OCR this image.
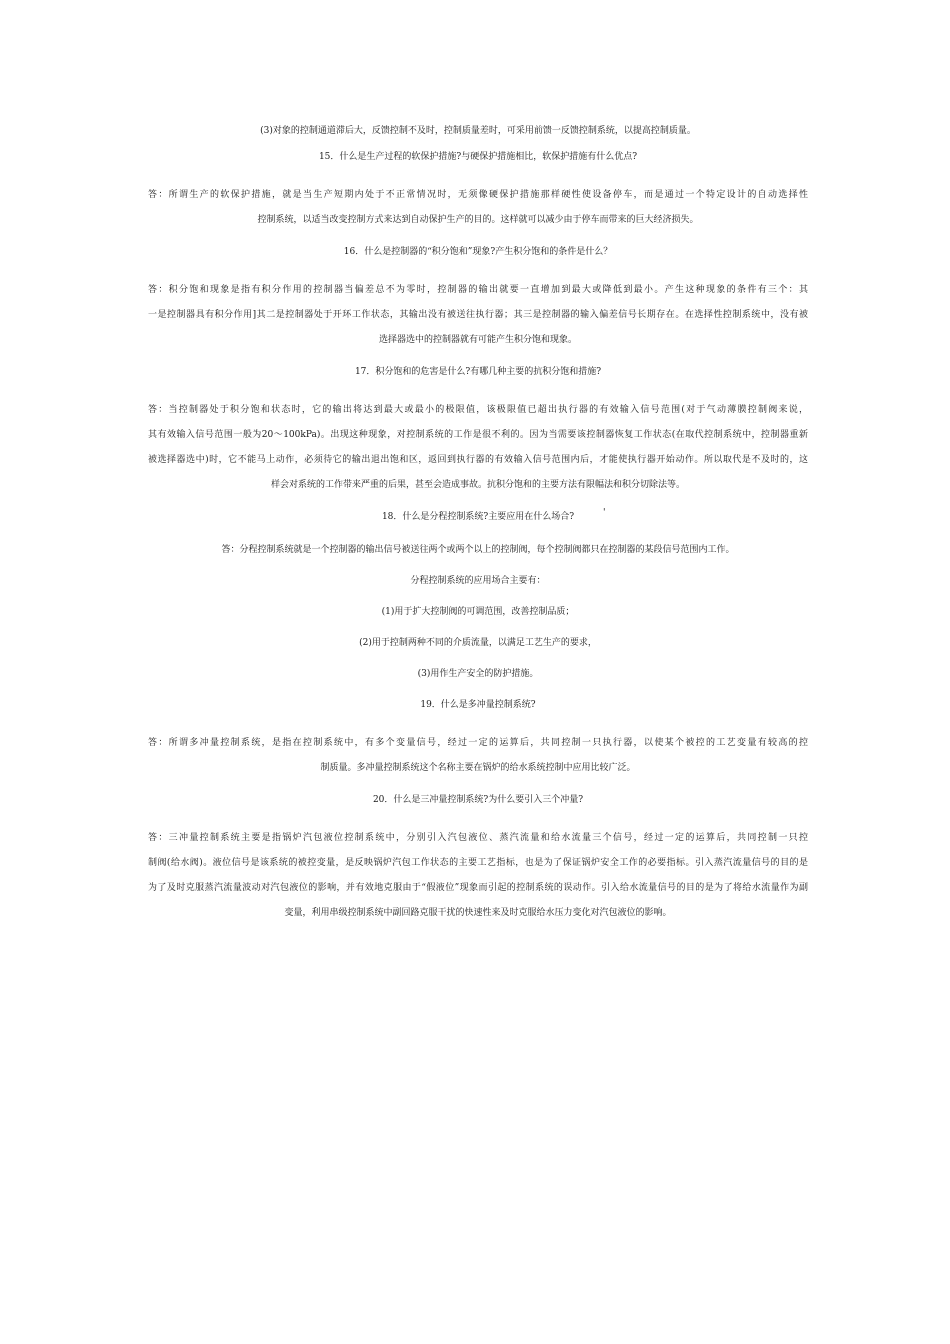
(3)对象的控制通道滞后大，反馈控制不及时，控制质量差时，可采用前馈一反馈控制系统，以提高控制质量。

15．什么是生产过程的软保护措施?与硬保护措施相比，软保护措施有什么优点?

答：所谓生产的软保护措施，就是当生产短期内处于不正常情况时，无须像硬保护措施那样硬性使设备停车，而是通过一个特定设计的自动选择性

控制系统，以适当改变控制方式来达到自动保护生产的目的。这样就可以减少由于停车而带来的巨大经济损失。

16．什么是控制器的“积分饱和”现象?产生积分饱和的条件是什么？

答：积分饱和现象是指有积分作用的控制器当偏差总不为零时，控制器的输出就要一直增加到最大或降低到最小。产生这种现象的条件有三个：其

一是控制器具有积分作用]其二是控制器处于开环工作状态，其输出没有被送往执行器；其三是控制器的输入偏差信号长期存在。在选择性控制系统中，没有被

选择器选中的控制器就有可能产生积分饱和现象。

17．积分饱和的危害是什么?有哪几种主要的抗积分饱和措施?

答：当控制器处于积分饱和状态时，它的输出将达到最大或最小的极限值，该极限值已超出执行器的有效输入信号范围(对于气动薄膜控制阀来说，

其有效输入信号范围一般为20～100kPa)。出现这种现象，对控制系统的工作是很不利的。因为当需要该控制器恢复工作状态(在取代控制系统中，控制器重新

被选择器选中)时，它不能马上动作，必须待它的输出退出饱和区，返回到执行器的有效输入信号范围内后，才能使执行器开始动作。所以取代是不及时的，这

样会对系统的工作带来严重的后果，甚至会造成事故。抗积分饱和的主要方法有限幅法和积分切除法等。

18．什么是分程控制系统?主要应用在什么场合?

答：分程控制系统就是一个控制器的输出信号被送往两个或两个以上的控制阀，每个控制阀都只在控制器的某段信号范围内工作。

分程控制系统的应用场合主要有：

(1)用于扩大控制阀的可调范围，改善控制品质；

(2)用于控制两种不同的介质流量，以满足工艺生产的要求，

(3)用作生产安全的防护措施。

19．什么是多冲量控制系统?

答：所谓多冲量控制系统，是指在控制系统中，有多个变量信号，经过一定的运算后，共同控制一只执行器，以使某个被控的工艺变量有较高的控

制质量。多冲量控制系统这个名称主要在锅炉的给水系统控制中应用比较广泛。

20．什么是三冲量控制系统?为什么要引入三个冲量?

答：三冲量控制系统主要是指锅炉汽包液位控制系统中，分别引入汽包液位、蒸汽流量和给水流量三个信号，经过一定的运算后，共同控制一只控

制阀(给水阀)。液位信号是该系统的被控变量，是反映锅炉汽包工作状态的主要工艺指标，也是为了保证锅炉安全工作的必要指标。引入蒸汽流量信号的目的是

为了及时克服蒸汽流量波动对汽包液位的影响，并有效地克服由于“假液位”现象而引起的控制系统的误动作。引入给水流量信号的目的是为了将给水流量作为副

变量，利用串级控制系统中副回路克服干扰的快速性来及时克服给水压力变化对汽包液位的影响。

'
